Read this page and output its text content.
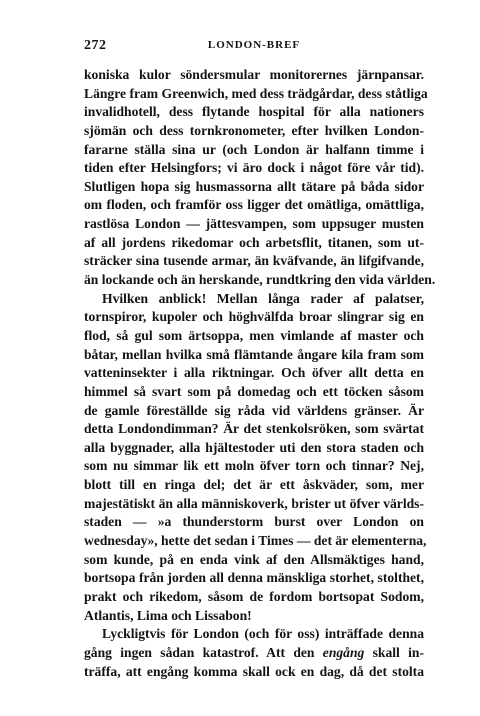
272	LONDON-BREF
koniska kulor söndersmular monitorernes järnpansar.
Längre fram Greenwich, med dess trädgårdar, dess ståtliga
invalidhotell, dess flytande hospital för alla nationers
sjömän och dess tornkronometer, efter hvilken London-
fararne ställa sina ur (och London är halfann timme i
tiden efter Helsingfors; vi äro dock i något före vår tid).
Slutligen hopa sig husmassorna allt tätare på båda sidor
om floden, och framför oss ligger det omätliga, omättliga,
rastlösa London — jättesvampen, som uppsuger musten
af all jordens rikedomar och arbetsflit, titanen, som ut-
sträcker sina tusende armar, än kväfvande, än lifgifvande,
än lockande och än herskande, rundtkring den vida världen.
Hvilken anblick! Mellan långa rader af palatser,
tornspiror, kupoler och höghvälfda broar slingrar sig en
flod, så gul som ärtsoppa, men vimlande af master och
båtar, mellan hvilka små flämtande ångare kila fram som
vatteninsekter i alla riktningar. Och öfver allt detta en
himmel så svart som på domedag och ett töcken såsom
de gamle föreställde sig råda vid världens gränser. Är
detta Londondimman? Är det stenkolsröken, som svärtat
alla byggnader, alla hjältestoder uti den stora staden och
som nu simmar lik ett moln öfver torn och tinnar? Nej,
blott till en ringa del; det är ett åskväder, som, mer
majestätiskt än alla människoverk, brister ut öfver världs-
staden — »a thunderstorm burst over London on
wednesday», hette det sedan i Times — det är elementerna,
som kunde, på en enda vink af den Allsmäktiges hand,
bortsopa från jorden all denna mänskliga storhet, stolthet,
prakt och rikedom, såsom de fordom bortsopat Sodom,
Atlantis, Lima och Lissabon!
Lyckligtvis för London (och för oss) inträffade denna
gång ingen sådan katastrof. Att den engång skall in-
träffa, att engång komma skall ock en dag, då det stolta
